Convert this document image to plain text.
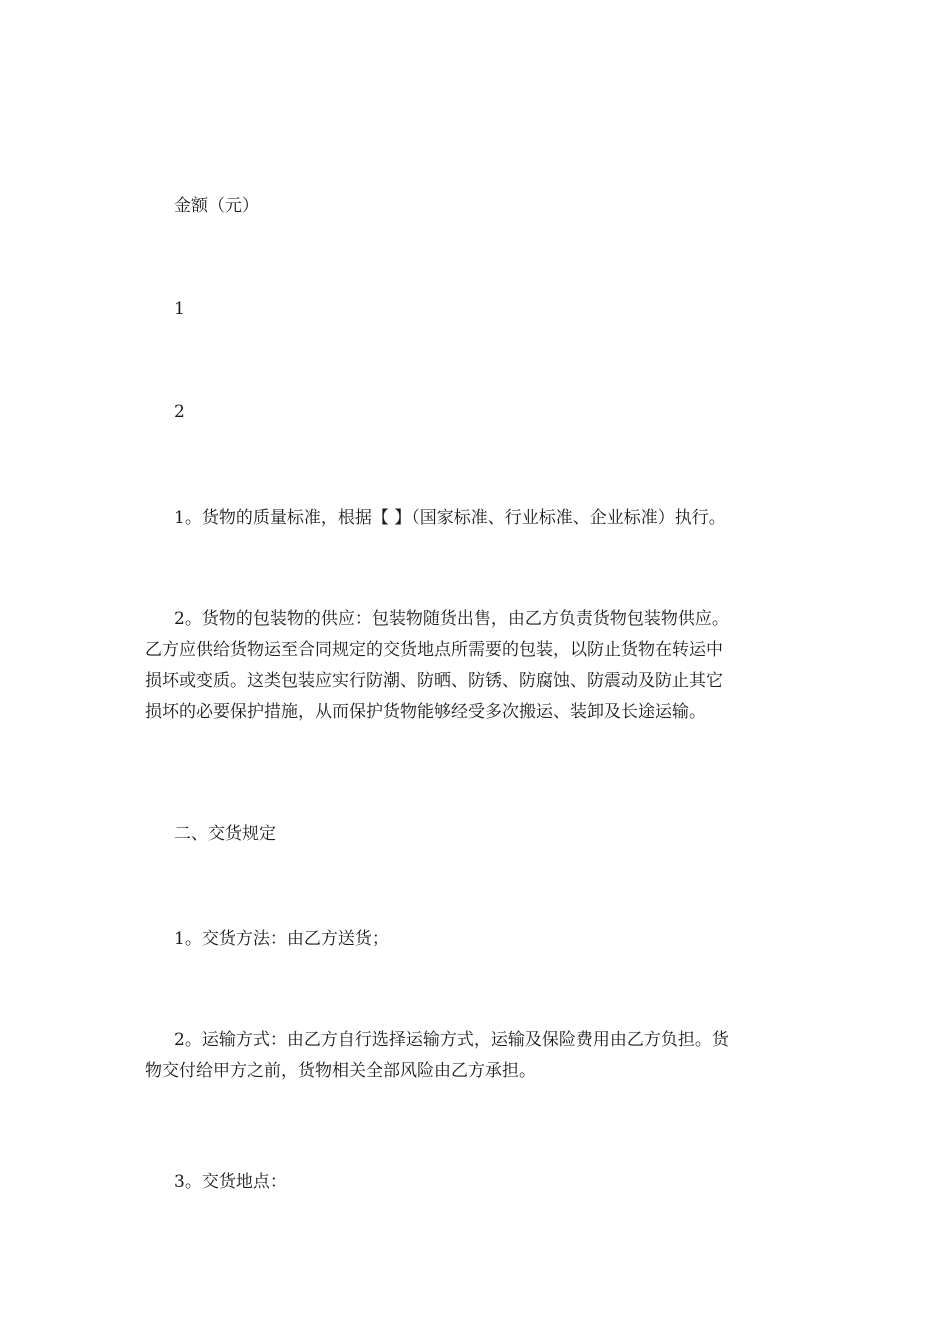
金额（元）

1

2

1。货物的质量标准，根据【 】（国家标准、行业标准、企业标准）执行。

2。货物的包装物的供应：包装物随货出售，由乙方负责货物包装物供应。
乙方应供给货物运至合同规定的交货地点所需要的包装，以防止货物在转运中
损坏或变质。这类包装应实行防潮、防晒、防锈、防腐蚀、防震动及防止其它
损坏的必要保护措施，从而保护货物能够经受多次搬运、装卸及长途运输。

二、交货规定

1。交货方法：由乙方送货；

2。运输方式：由乙方自行选择运输方式，运输及保险费用由乙方负担。货
物交付给甲方之前，货物相关全部风险由乙方承担。

3。交货地点：
